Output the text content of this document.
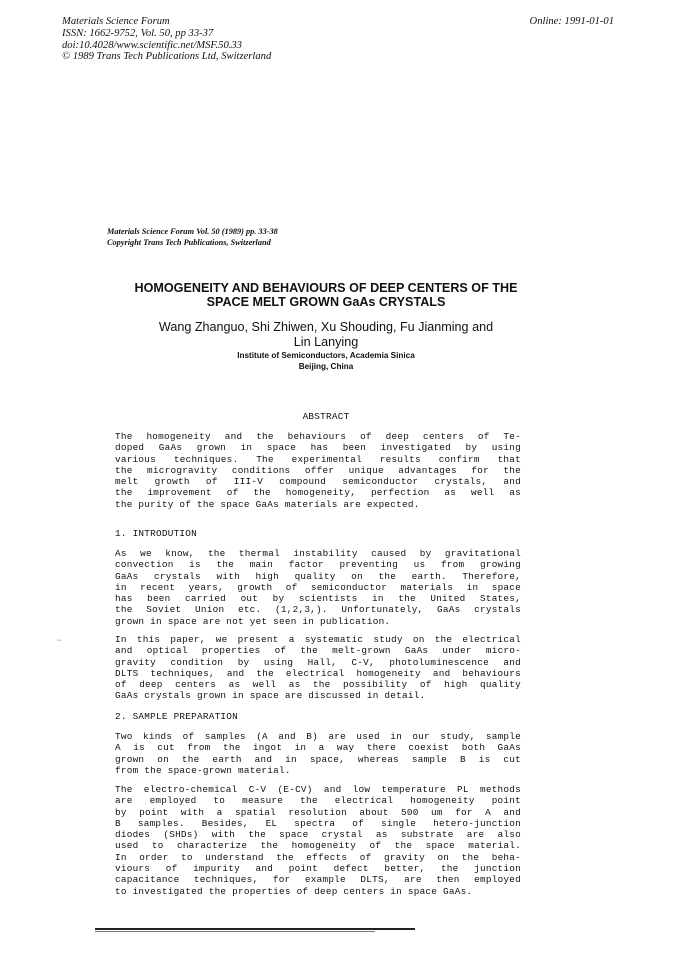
Materials Science Forum
ISSN: 1662-9752, Vol. 50, pp 33-37
doi:10.4028/www.scientific.net/MSF.50.33
© 1989 Trans Tech Publications Ltd, Switzerland
Online: 1991-01-01
Materials Science Forum Vol. 50 (1989) pp. 33-38
Copyright Trans Tech Publications, Switzerland
HOMOGENEITY AND BEHAVIOURS OF DEEP CENTERS OF THE
SPACE MELT GROWN GaAs CRYSTALS
Wang Zhanguo, Shi Zhiwen, Xu Shouding, Fu Jianming and
Lin Lanying
Institute of Semiconductors, Academia Sinica
Beijing, China
ABSTRACT
The homogeneity and the behaviours of deep centers of Te-
doped GaAs grown in space has been investigated by using
various techniques. The experimental results confirm that
the microgravity conditions offer unique advantages for the
melt growth of III-V compound semiconductor crystals, and
the improvement of the homogeneity, perfection as well as
the purity of the space GaAs materials are expected.
1. INTRODUTION
As we know, the thermal instability caused by gravitational
convection is the main factor preventing us from growing
GaAs crystals with high quality on the earth. Therefore,
in recent years, growth of semiconductor materials in space
has been carried out by scientists in the United States,
the Soviet Union etc. (1,2,3,). Unfortunately, GaAs crystals
grown in space are not yet seen in publication.
In this paper, we present a systematic study on the electrical
and optical properties of the melt-grown GaAs under micro-
gravity condition by using Hall, C-V, photoluminescence and
DLTS techniques, and the electrical homogeneity and behaviours
of deep centers as well as the possibility of high quality
GaAs crystals grown in space are discussed in detail.
~
2. SAMPLE PREPARATION
Two kinds of samples (A and B) are used in our study, sample
A is cut from the ingot in a way there coexist both GaAs
grown on the earth and in space, whereas sample B is cut
from the space-grown material.
The electro-chemical C-V (E-CV) and low temperature PL methods
are employed to measure the electrical homogeneity point
by point with a spatial resolution about 500 um for A and
B samples. Besides, EL spectra of single hetero-junction
diodes (SHDs) with the space crystal as substrate are also
used to characterize the homogeneity of the space material.
In order to understand the effects of gravity on the beha-
viours of impurity and point defect better, the junction
capacitance techniques, for example DLTS, are then employed
to investigated the properties of deep centers in space GaAs.
